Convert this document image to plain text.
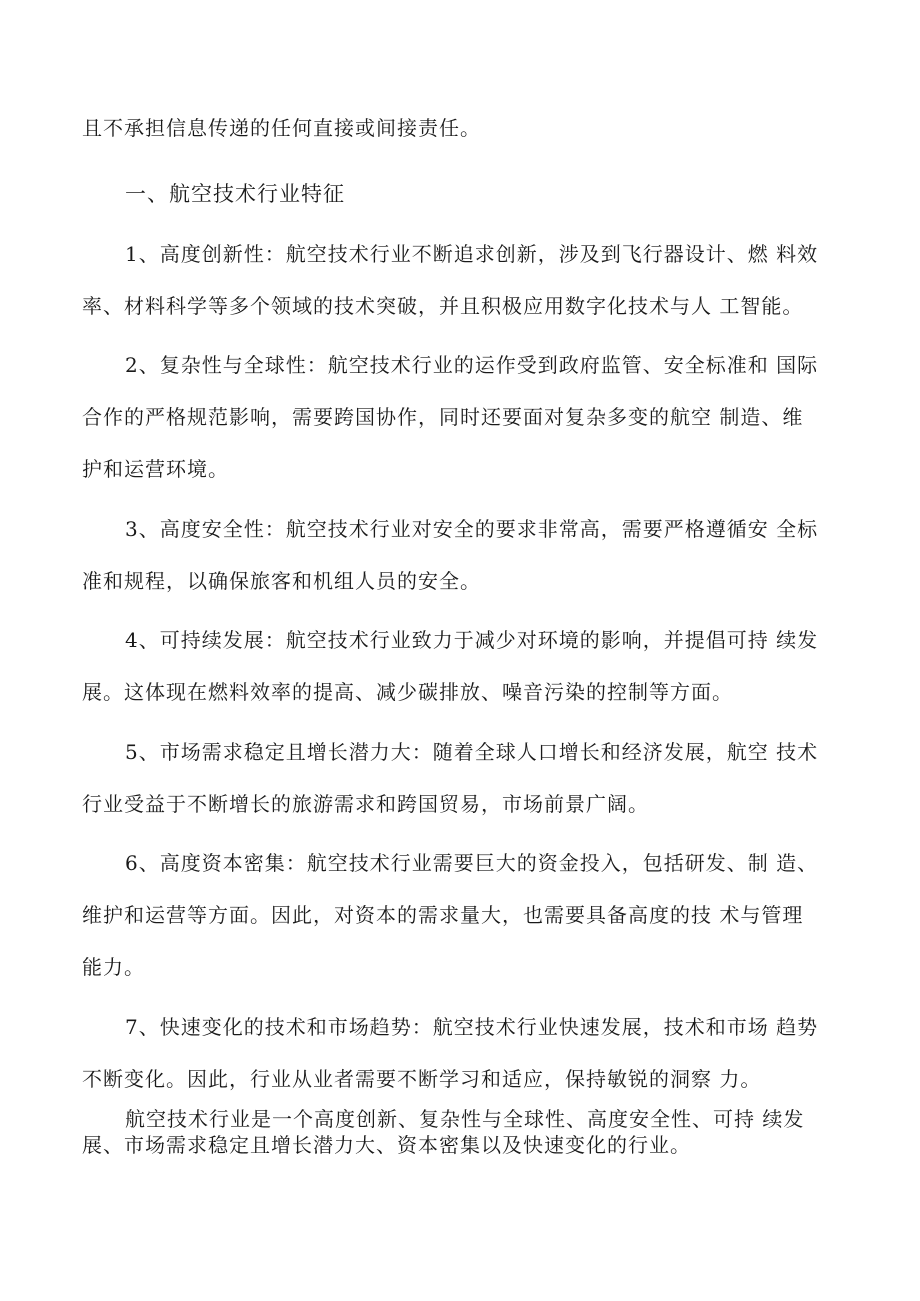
且不承担信息传递的任何直接或间接责任。
一、航空技术行业特征
1、高度创新性：航空技术行业不断追求创新，涉及到飞行器设计、燃 料效
率、材料科学等多个领域的技术突破，并且积极应用数字化技术与人 工智能。
2、复杂性与全球性：航空技术行业的运作受到政府监管、安全标准和 国际
合作的严格规范影响，需要跨国协作，同时还要面对复杂多变的航空 制造、维
护和运营环境。
3、高度安全性：航空技术行业对安全的要求非常高，需要严格遵循安 全标
准和规程，以确保旅客和机组人员的安全。
4、可持续发展：航空技术行业致力于减少对环境的影响，并提倡可持 续发
展。这体现在燃料效率的提高、减少碳排放、噪音污染的控制等方面。
5、市场需求稳定且增长潜力大：随着全球人口增长和经济发展，航空 技术
行业受益于不断增长的旅游需求和跨国贸易，市场前景广阔。
6、高度资本密集：航空技术行业需要巨大的资金投入，包括研发、制 造、
维护和运营等方面。因此，对资本的需求量大，也需要具备高度的技 术与管理
能力。
7、快速变化的技术和市场趋势：航空技术行业快速发展，技术和市场 趋势
不断变化。因此，行业从业者需要不断学习和适应，保持敏锐的洞察 力。
航空技术行业是一个高度创新、复杂性与全球性、高度安全性、可持 续发
展、市场需求稳定且增长潜力大、资本密集以及快速变化的行业。
